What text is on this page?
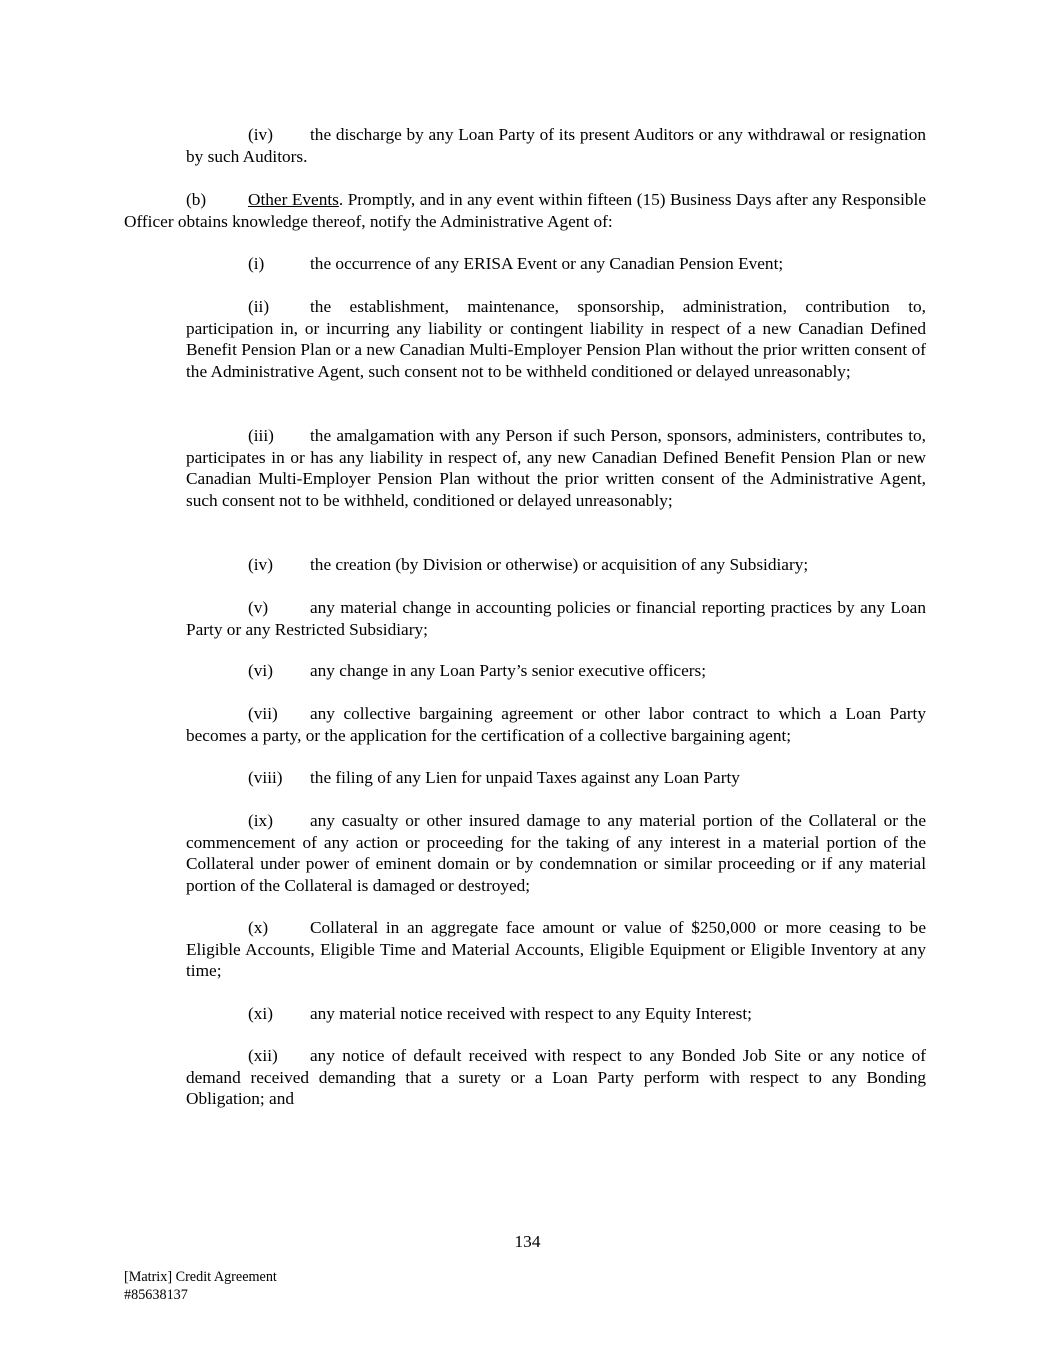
(iv) the discharge by any Loan Party of its present Auditors or any withdrawal or resignation by such Auditors.

(b) Other Events. Promptly, and in any event within fifteen (15) Business Days after any Responsible Officer obtains knowledge thereof, notify the Administrative Agent of:

(i)	the occurrence of any ERISA Event or any Canadian Pension Event;

(ii) the establishment, maintenance, sponsorship, administration, contribution to, participation in, or incurring any liability or contingent liability in respect of a new Canadian Defined Benefit Pension Plan or a new Canadian Multi-Employer Pension Plan without the prior written consent of the Administrative Agent, such consent not to be withheld conditioned or delayed unreasonably;

(iii) the amalgamation with any Person if such Person, sponsors, administers, contributes to, participates in or has any liability in respect of, any new Canadian Defined Benefit Pension Plan or new Canadian Multi-Employer Pension Plan without the prior written consent of the Administrative Agent, such consent not to be withheld, conditioned or delayed unreasonably;

(iv) the creation (by Division or otherwise) or acquisition of any Subsidiary;

(v) any material change in accounting policies or financial reporting practices by any Loan Party or any Restricted Subsidiary;

(vi) any change in any Loan Party’s senior executive officers;

(vii) any collective bargaining agreement or other labor contract to which a Loan Party becomes a party, or the application for the certification of a collective bargaining agent;

(viii) the filing of any Lien for unpaid Taxes against any Loan Party

(ix) any casualty or other insured damage to any material portion of the Collateral or the commencement of any action or proceeding for the taking of any interest in a material portion of the Collateral under power of eminent domain or by condemnation or similar proceeding or if any material portion of the Collateral is damaged or destroyed;

(x) Collateral in an aggregate face amount or value of $250,000 or more ceasing to be Eligible Accounts, Eligible Time and Material Accounts, Eligible Equipment or Eligible Inventory at any time;

(xi) any material notice received with respect to any Equity Interest;

(xii) any notice of default received with respect to any Bonded Job Site or any notice of demand received demanding that a surety or a Loan Party perform with respect to any Bonding Obligation; and

134

[Matrix] Credit Agreement
#85638137
